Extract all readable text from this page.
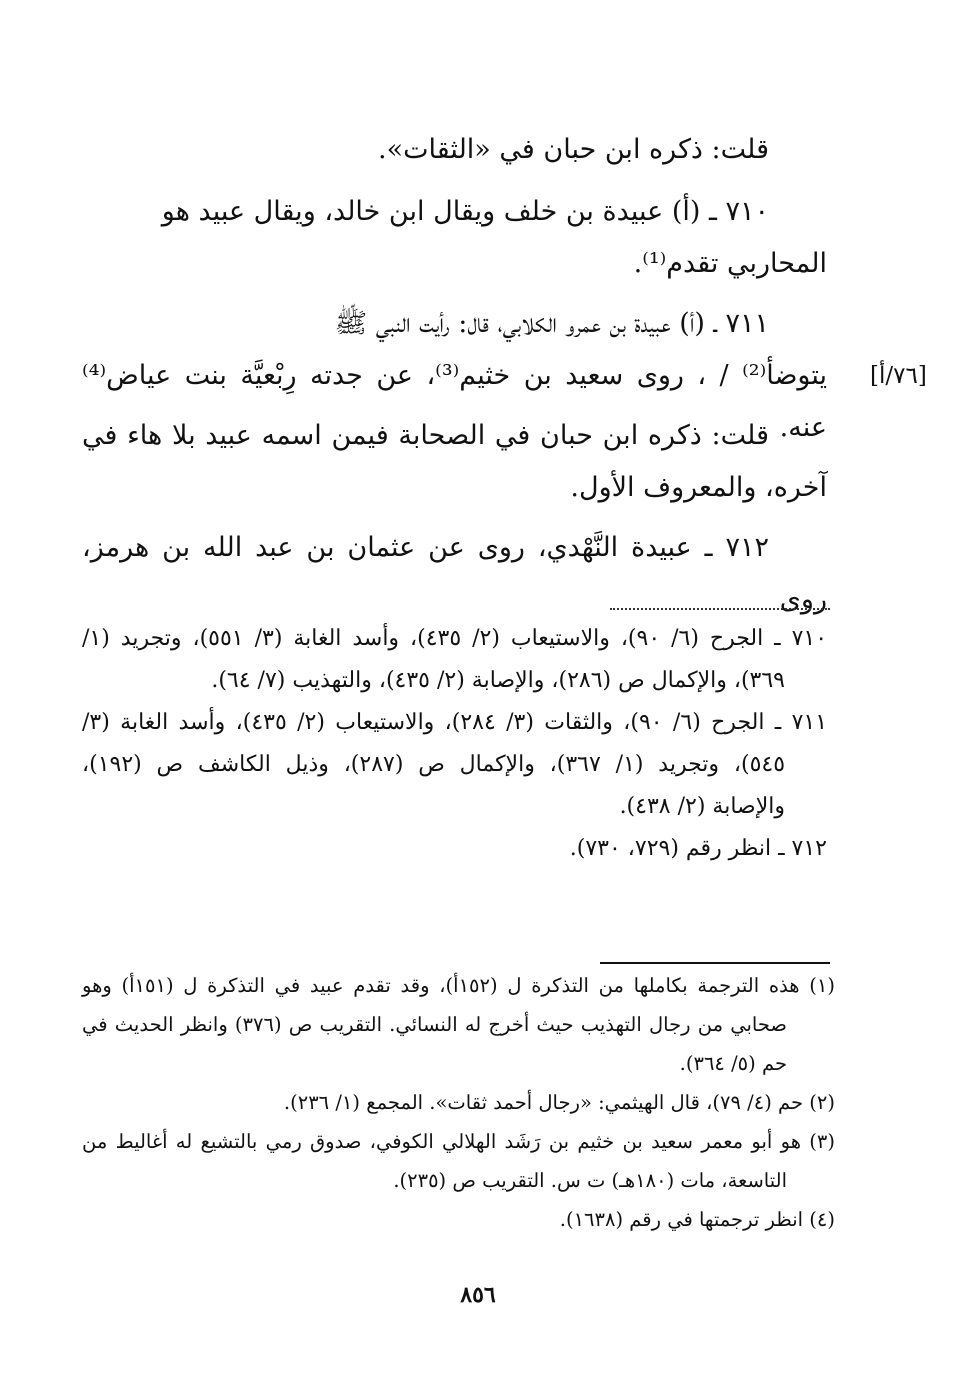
قلت: ذكره ابن حبان في «الثقات».
٧١٠ ـ (أ) عبيدة بن خلف ويقال ابن خالد، ويقال عبيد هو
المحاربي تقدم⁽¹⁾.
٧١١ ـ (أ) عبيدة بن عمرو الكلابي، قال: رأيت النبي ﷺ
يتوضأ⁽²⁾ / ، روى سعيد بن خثيم⁽³⁾، عن جدته رِبْعيَّة بنت عياض⁽⁴⁾ عنه.
[٧٦/أ]
قلت: ذكره ابن حبان في الصحابة فيمن اسمه عبيد بلا هاء في آخره، والمعروف الأول.
٧١٢ ـ عبيدة النَّهْدي، روى عن عثمان بن عبد الله بن هرمز، روى
٧١٠ ـ الجرح (٦/ ٩٠)، والاستيعاب (٢/ ٤٣٥)، وأسد الغابة (٣/ ٥٥١)، وتجريد (١/ ٣٦٩)، والإكمال ص (٢٨٦)، والإصابة (٢/ ٤٣٥)، والتهذيب (٧/ ٦٤).
٧١١ ـ الجرح (٦/ ٩٠)، والثقات (٣/ ٢٨٤)، والاستيعاب (٢/ ٤٣٥)، وأسد الغابة (٣/ ٥٤٥)، وتجريد (١/ ٣٦٧)، والإكمال ص (٢٨٧)، وذيل الكاشف ص (١٩٢)، والإصابة (٢/ ٤٣٨).
٧١٢ ـ انظر رقم (٧٢٩، ٧٣٠).
(١) هذه الترجمة بكاملها من التذكرة ل (١٥٢أ)، وقد تقدم عبيد في التذكرة ل (١٥١أ) وهو صحابي من رجال التهذيب حيث أخرج له النسائي. التقريب ص (٣٧٦) وانظر الحديث في حم (٥/ ٣٦٤).
(٢) حم (٤/ ٧٩)، قال الهيثمي: «رجال أحمد ثقات». المجمع (١/ ٢٣٦).
(٣) هو أبو معمر سعيد بن خثيم بن رَشَد الهلالي الكوفي، صدوق رمي بالتشيع له أغاليط من التاسعة، مات (١٨٠هـ) ت س. التقريب ص (٢٣٥).
(٤) انظر ترجمتها في رقم (١٦٣٨).
٨٥٦
